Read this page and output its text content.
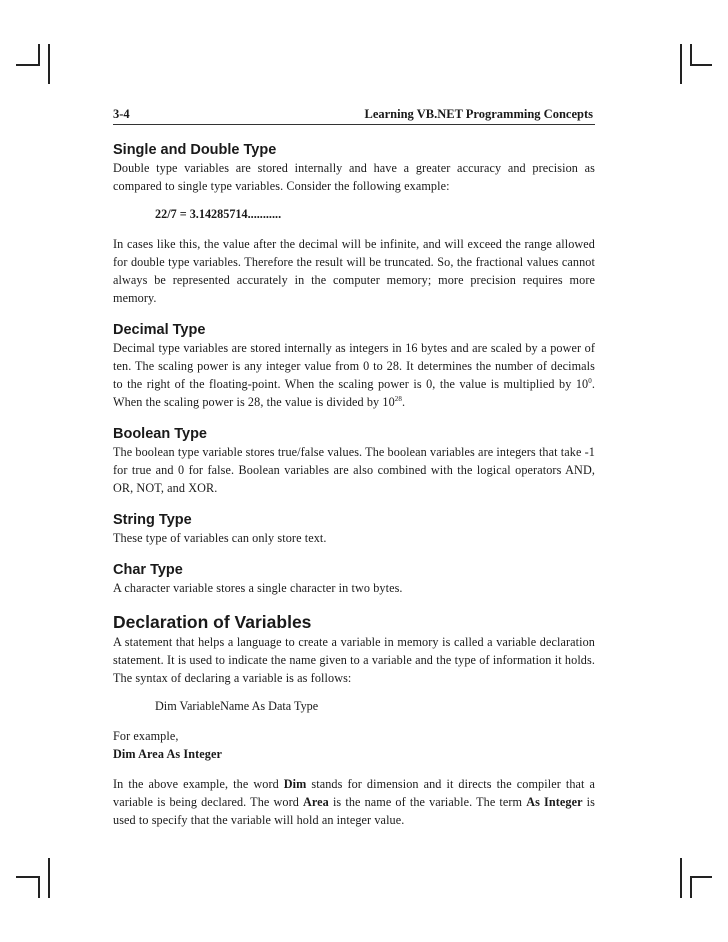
3-4	Learning VB.NET Programming Concepts
Single and Double Type

Double type variables are stored internally and have a greater accuracy and precision as compared to single type variables. Consider the following example:

22/7 = 3.14285714...........

In cases like this, the value after the decimal will be infinite, and will exceed the range allowed for double type variables. Therefore the result will be truncated. So, the fractional values cannot always be represented accurately in the computer memory; more precision requires more memory.

Decimal Type

Decimal type variables are stored internally as integers in 16 bytes and are scaled by a power of ten. The scaling power is any integer value from 0 to 28. It determines the number of decimals to the right of the floating-point. When the scaling power is 0, the value is multiplied by $10^0$. When the scaling power is 28, the value is divided by $10^{28}$.

Boolean Type

The boolean type variable stores true/false values. The boolean variables are integers that take -1 for true and 0 for false. Boolean variables are also combined with the logical operators AND, OR, NOT, and XOR.

String Type

These type of variables can only store text.

Char Type

A character variable stores a single character in two bytes.

Declaration of Variables

A statement that helps a language to create a variable in memory is called a variable declaration statement. It is used to indicate the name given to a variable and the type of information it holds. The syntax of declaring a variable is as follows:

Dim VariableName As Data Type

For example,

Dim Area As Integer

In the above example, the word Dim stands for dimension and it directs the compiler that a variable is being declared. The word Area is the name of the variable. The term As Integer is used to specify that the variable will hold an integer value.
